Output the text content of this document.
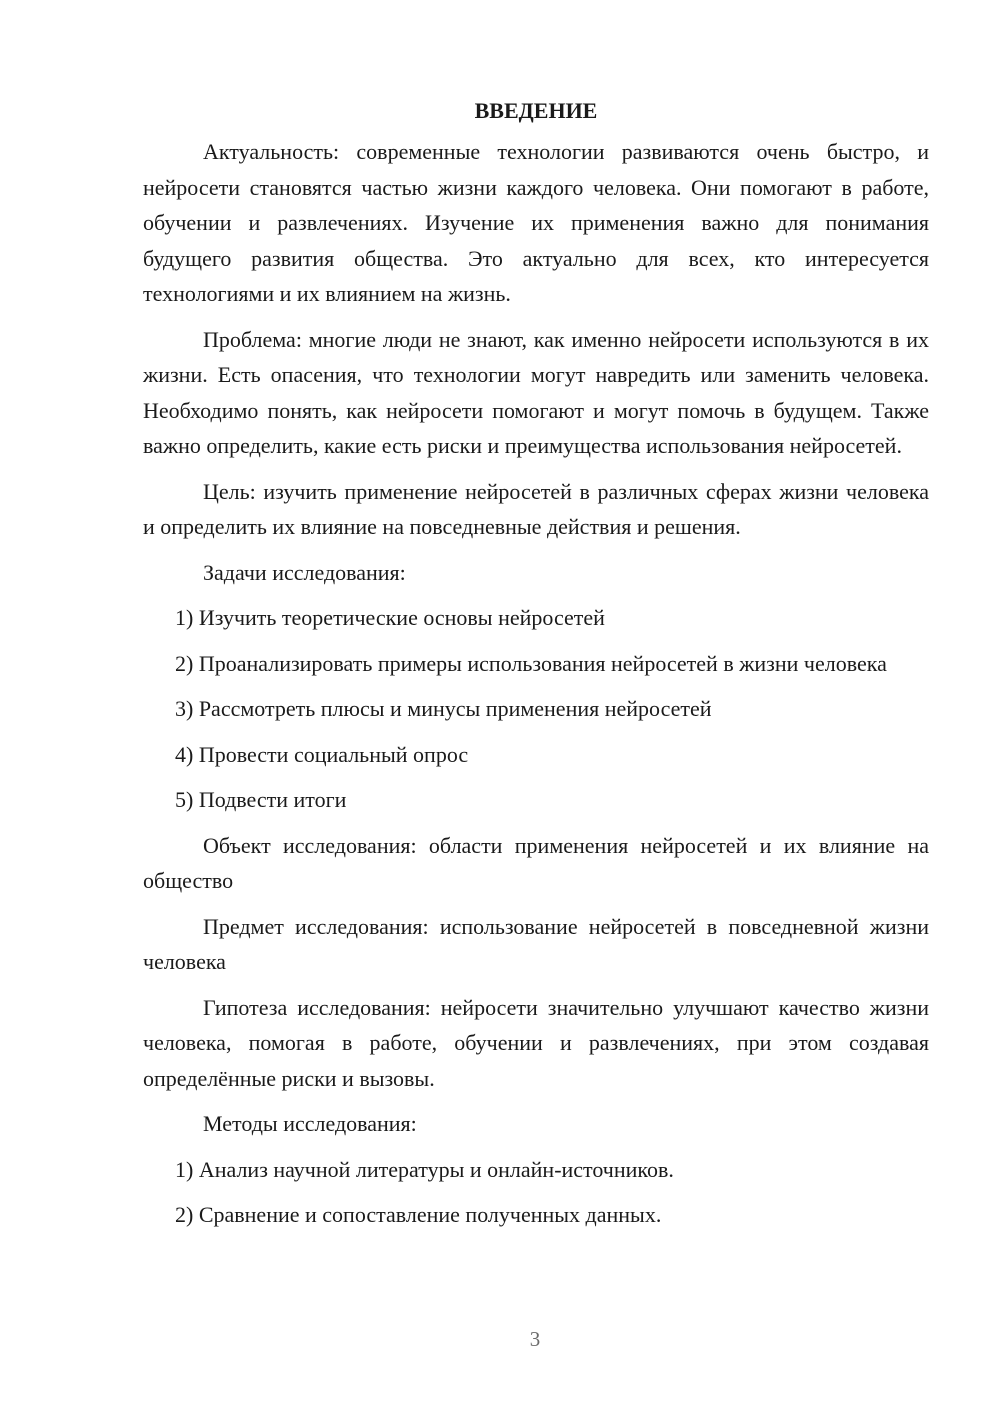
ВВЕДЕНИЕ

Актуальность: современные технологии развиваются очень быстро, и нейросети становятся частью жизни каждого человека. Они помогают в работе, обучении и развлечениях. Изучение их применения важно для понимания будущего развития общества. Это актуально для всех, кто интересуется технологиями и их влиянием на жизнь.

Проблема: многие люди не знают, как именно нейросети используются в их жизни. Есть опасения, что технологии могут навредить или заменить человека. Необходимо понять, как нейросети помогают и могут помочь в будущем. Также важно определить, какие есть риски и преимущества использования нейросетей.

Цель: изучить применение нейросетей в различных сферах жизни человека и определить их влияние на повседневные действия и решения.

Задачи исследования:

1) Изучить теоретические основы нейросетей

2) Проанализировать примеры использования нейросетей в жизни человека

3) Рассмотреть плюсы и минусы применения нейросетей

4) Провести социальный опрос

5) Подвести итоги

Объект исследования: области применения нейросетей и их влияние на общество

Предмет исследования: использование нейросетей в повседневной жизни человека

Гипотеза исследования: нейросети значительно улучшают качество жизни человека, помогая в работе, обучении и развлечениях, при этом создавая определённые риски и вызовы.

Методы исследования:

1) Анализ научной литературы и онлайн-источников.

2) Сравнение и сопоставление полученных данных.

3
